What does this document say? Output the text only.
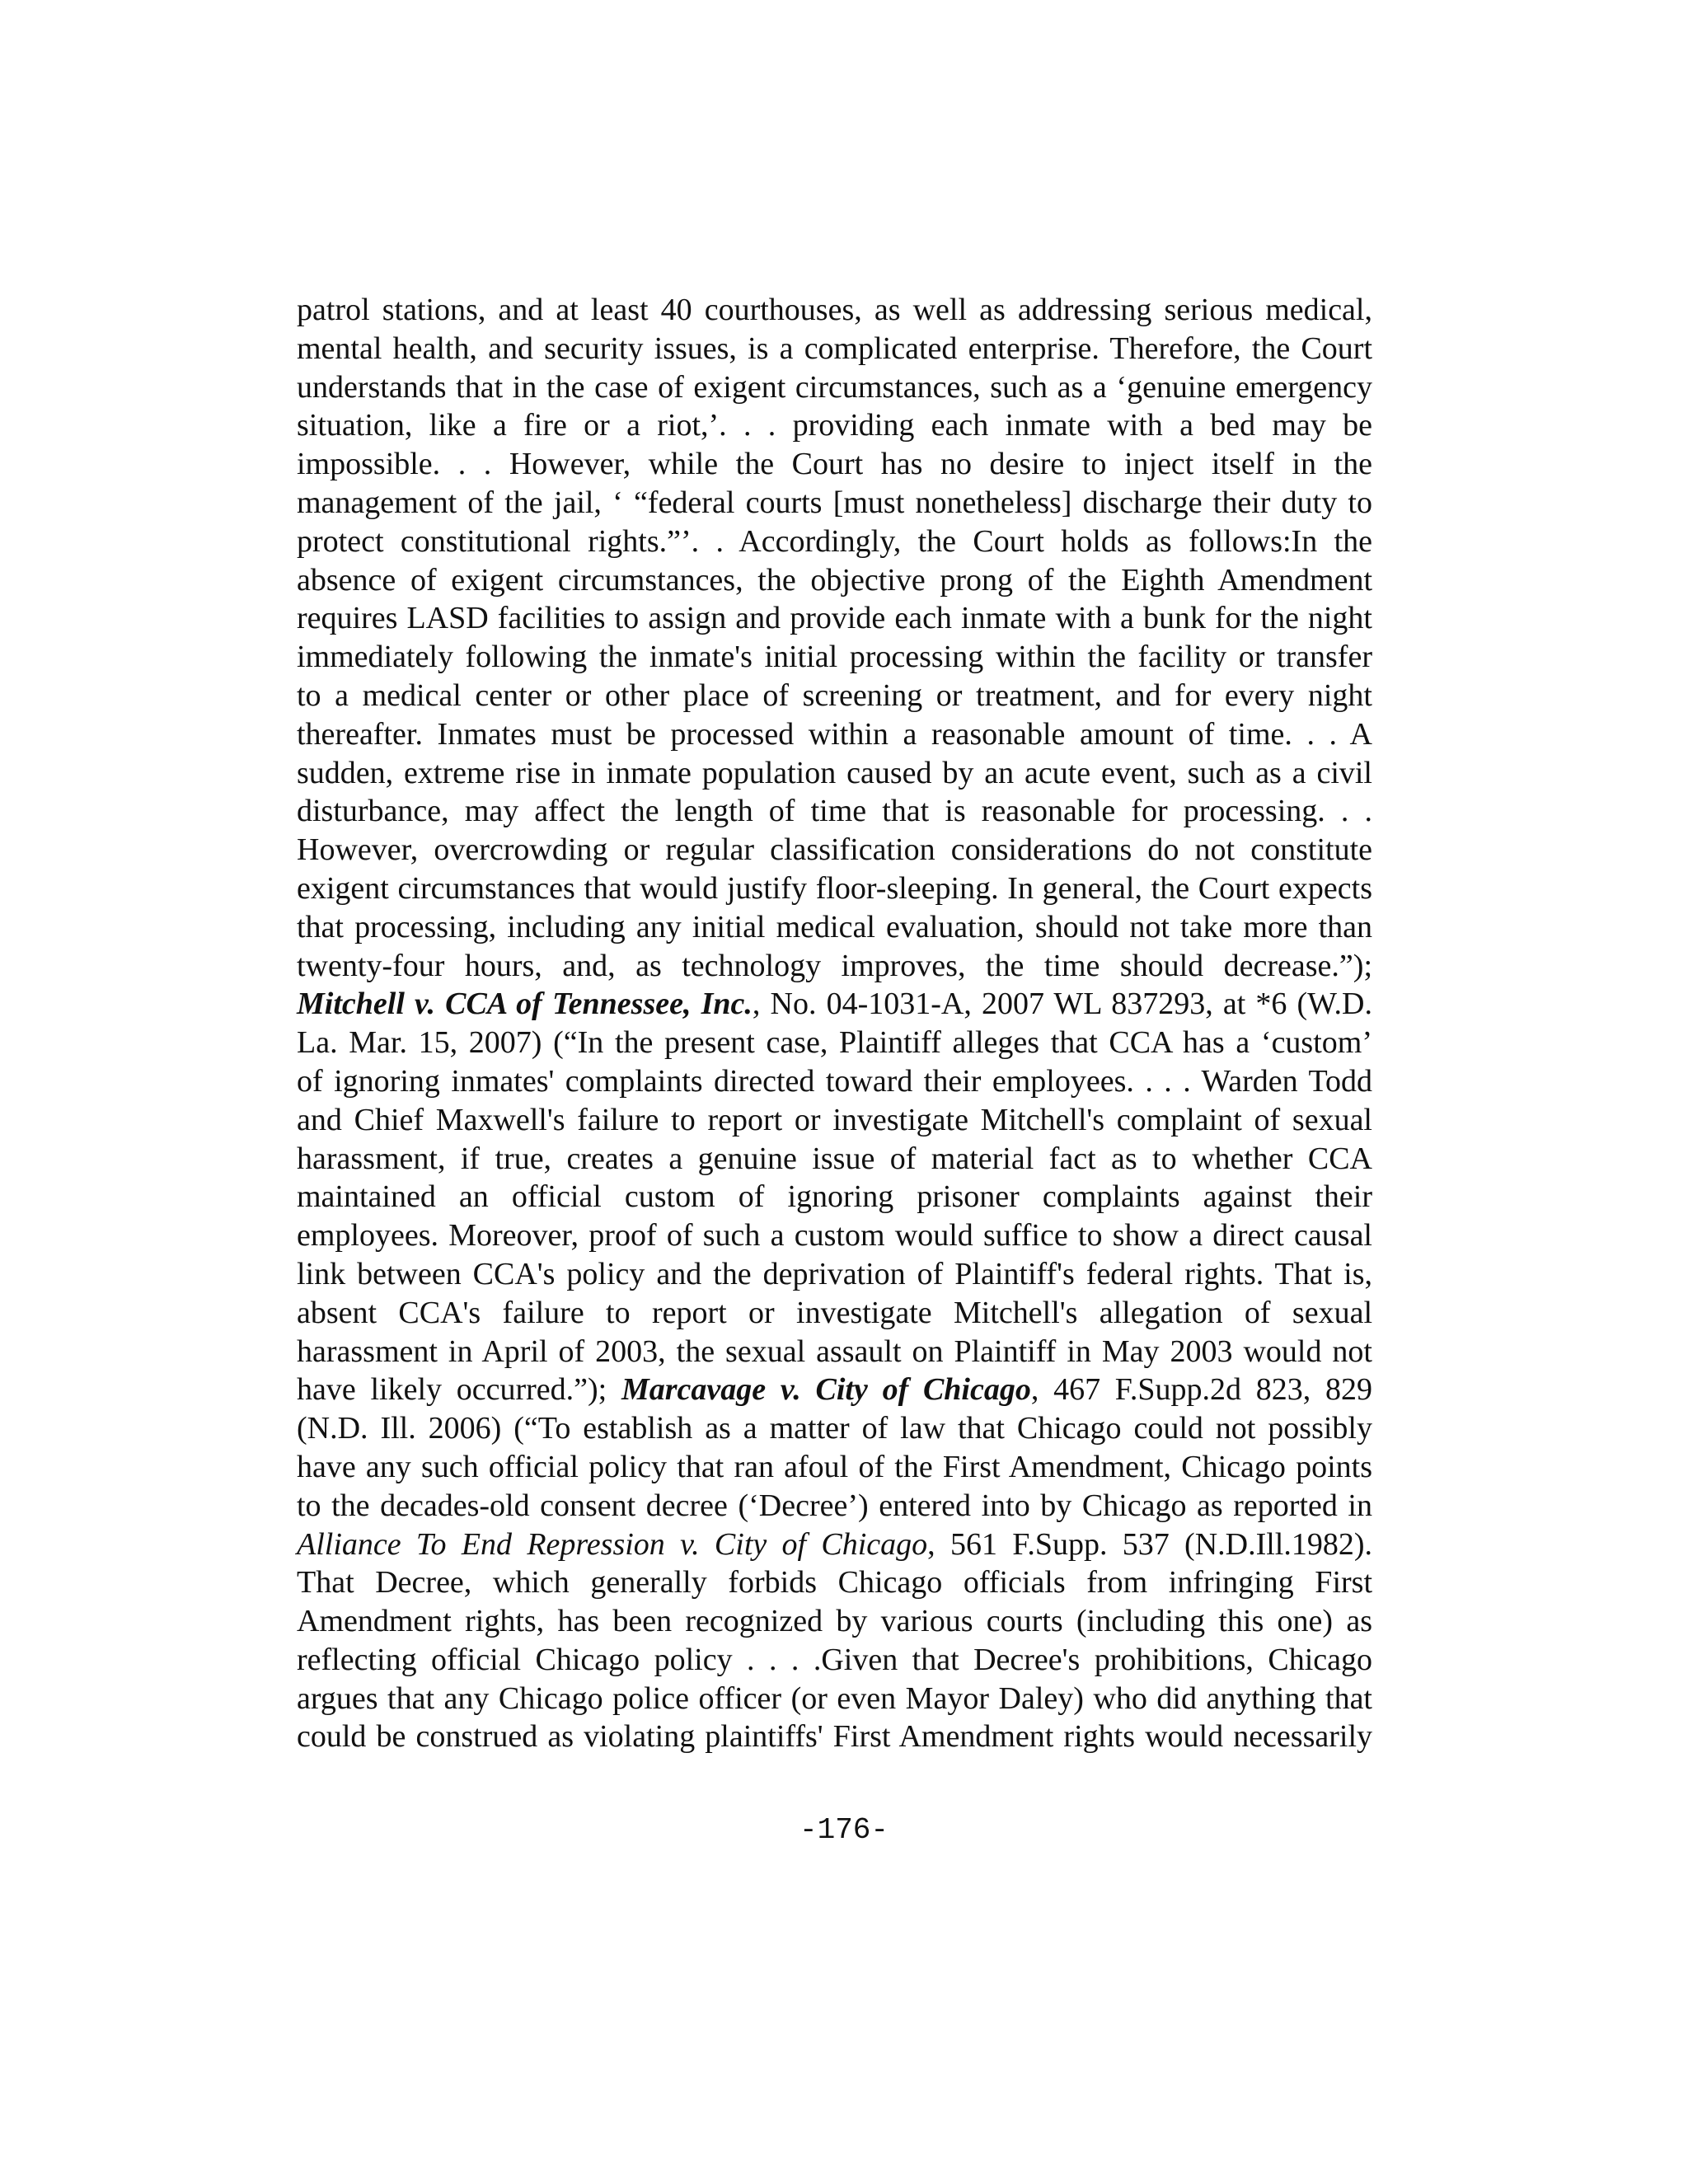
patrol stations, and at least 40 courthouses, as well as addressing serious medical,
mental health, and security issues, is a complicated enterprise. Therefore, the Court
understands that in the case of exigent circumstances, such as a ‘genuine emergency
situation, like a fire or a riot,’. . . providing each inmate with a bed may be
impossible. . . However, while the Court has no desire to inject itself in the
management of the jail, ‘ “federal courts [must nonetheless] discharge their duty to
protect constitutional rights.”’. . Accordingly, the Court holds as follows:In the
absence of exigent circumstances, the objective prong of the Eighth Amendment
requires LASD facilities to assign and provide each inmate with a bunk for the night
immediately following the inmate's initial processing within the facility or transfer
to a medical center or other place of screening or treatment, and for every night
thereafter. Inmates must be processed within a reasonable amount of time. . . A
sudden, extreme rise in inmate population caused by an acute event, such as a civil
disturbance, may affect the length of time that is reasonable for processing. . .
However, overcrowding or regular classification considerations do not constitute
exigent circumstances that would justify floor-sleeping. In general, the Court expects
that processing, including any initial medical evaluation, should not take more than
twenty-four hours, and, as technology improves, the time should decrease.”);
Mitchell v. CCA of Tennessee, Inc., No. 04-1031-A, 2007 WL 837293, at *6 (W.D.
La. Mar. 15, 2007) (“In the present case, Plaintiff alleges that CCA has a ‘custom’
of ignoring inmates' complaints directed toward their employees. . . . Warden Todd
and Chief Maxwell's failure to report or investigate Mitchell's complaint of sexual
harassment, if true, creates a genuine issue of material fact as to whether CCA
maintained an official custom of ignoring prisoner complaints against their
employees. Moreover, proof of such a custom would suffice to show a direct causal
link between CCA's policy and the deprivation of Plaintiff's federal rights. That is,
absent CCA's failure to report or investigate Mitchell's allegation of sexual
harassment in April of 2003, the sexual assault on Plaintiff in May 2003 would not
have likely occurred.”); Marcavage v. City of Chicago, 467 F.Supp.2d 823, 829
(N.D. Ill. 2006) (“To establish as a matter of law that Chicago could not possibly
have any such official policy that ran afoul of the First Amendment, Chicago points
to the decades-old consent decree (‘Decree’) entered into by Chicago as reported in
Alliance To End Repression v. City of Chicago, 561 F.Supp. 537 (N.D.Ill.1982).
That Decree, which generally forbids Chicago officials from infringing First
Amendment rights, has been recognized by various courts (including this one) as
reflecting official Chicago policy . . . .Given that Decree's prohibitions, Chicago
argues that any Chicago police officer (or even Mayor Daley) who did anything that
could be construed as violating plaintiffs' First Amendment rights would necessarily
-176-
